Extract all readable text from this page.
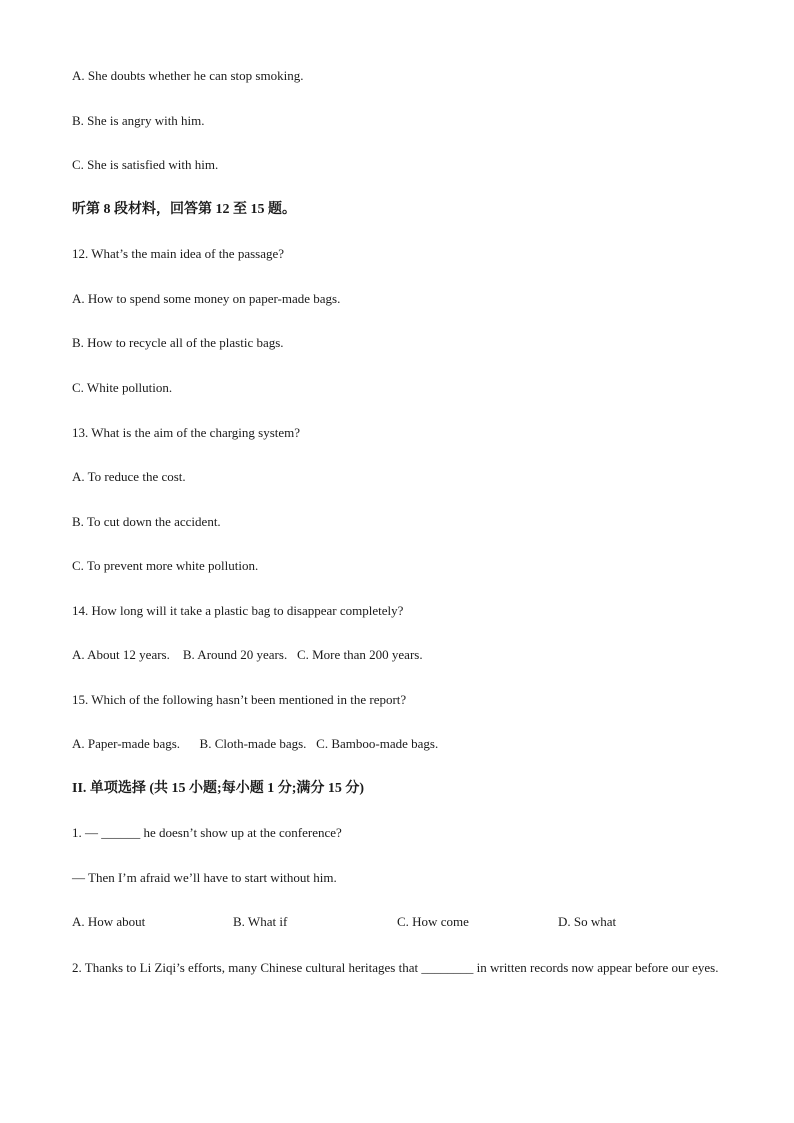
A. She doubts whether he can stop smoking.

B. She is angry with him.

C. She is satisfied with him.

听第 8 段材料，回答第 12 至 15 题。

12. What’s the main idea of the passage?

A. How to spend some money on paper-made bags.

B. How to recycle all of the plastic bags.

C. White pollution.

13. What is the aim of the charging system?

A. To reduce the cost.

B. To cut down the accident.

C. To prevent more white pollution.

14. How long will it take a plastic bag to disappear completely?

A. About 12 years.    B. Around 20 years.   C. More than 200 years.

15. Which of the following hasn’t been mentioned in the report?

A. Paper-made bags.      B. Cloth-made bags.   C. Bamboo-made bags.

II. 单项选择 (共 15 小题;每小题 1 分;满分 15 分)

1. — ______ he doesn’t show up at the conference?

— Then I’m afraid we’ll have to start without him.

A. How about	B. What if	C. How come	D. So what

2. Thanks to Li Ziqi’s efforts, many Chinese cultural heritages that ________ in written records now appear before our eyes.
